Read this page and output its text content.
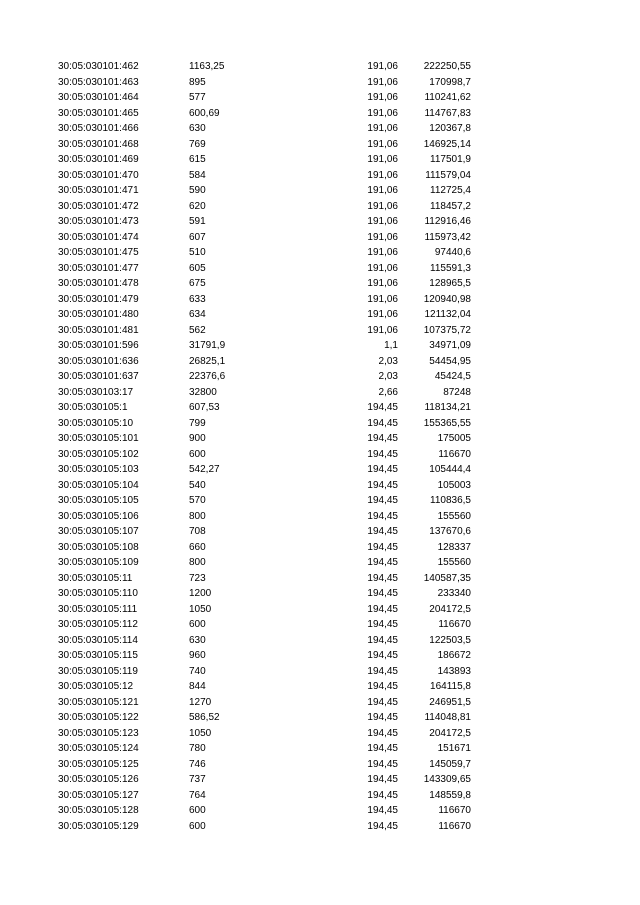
30:05:030101:462	1163,25	191,06	222250,55
30:05:030101:463	895	191,06	170998,7
30:05:030101:464	577	191,06	110241,62
30:05:030101:465	600,69	191,06	114767,83
30:05:030101:466	630	191,06	120367,8
30:05:030101:468	769	191,06	146925,14
30:05:030101:469	615	191,06	117501,9
30:05:030101:470	584	191,06	111579,04
30:05:030101:471	590	191,06	112725,4
30:05:030101:472	620	191,06	118457,2
30:05:030101:473	591	191,06	112916,46
30:05:030101:474	607	191,06	115973,42
30:05:030101:475	510	191,06	97440,6
30:05:030101:477	605	191,06	115591,3
30:05:030101:478	675	191,06	128965,5
30:05:030101:479	633	191,06	120940,98
30:05:030101:480	634	191,06	121132,04
30:05:030101:481	562	191,06	107375,72
30:05:030101:596	31791,9	1,1	34971,09
30:05:030101:636	26825,1	2,03	54454,95
30:05:030101:637	22376,6	2,03	45424,5
30:05:030103:17	32800	2,66	87248
30:05:030105:1	607,53	194,45	118134,21
30:05:030105:10	799	194,45	155365,55
30:05:030105:101	900	194,45	175005
30:05:030105:102	600	194,45	116670
30:05:030105:103	542,27	194,45	105444,4
30:05:030105:104	540	194,45	105003
30:05:030105:105	570	194,45	110836,5
30:05:030105:106	800	194,45	155560
30:05:030105:107	708	194,45	137670,6
30:05:030105:108	660	194,45	128337
30:05:030105:109	800	194,45	155560
30:05:030105:11	723	194,45	140587,35
30:05:030105:110	1200	194,45	233340
30:05:030105:111	1050	194,45	204172,5
30:05:030105:112	600	194,45	116670
30:05:030105:114	630	194,45	122503,5
30:05:030105:115	960	194,45	186672
30:05:030105:119	740	194,45	143893
30:05:030105:12	844	194,45	164115,8
30:05:030105:121	1270	194,45	246951,5
30:05:030105:122	586,52	194,45	114048,81
30:05:030105:123	1050	194,45	204172,5
30:05:030105:124	780	194,45	151671
30:05:030105:125	746	194,45	145059,7
30:05:030105:126	737	194,45	143309,65
30:05:030105:127	764	194,45	148559,8
30:05:030105:128	600	194,45	116670
30:05:030105:129	600	194,45	116670
